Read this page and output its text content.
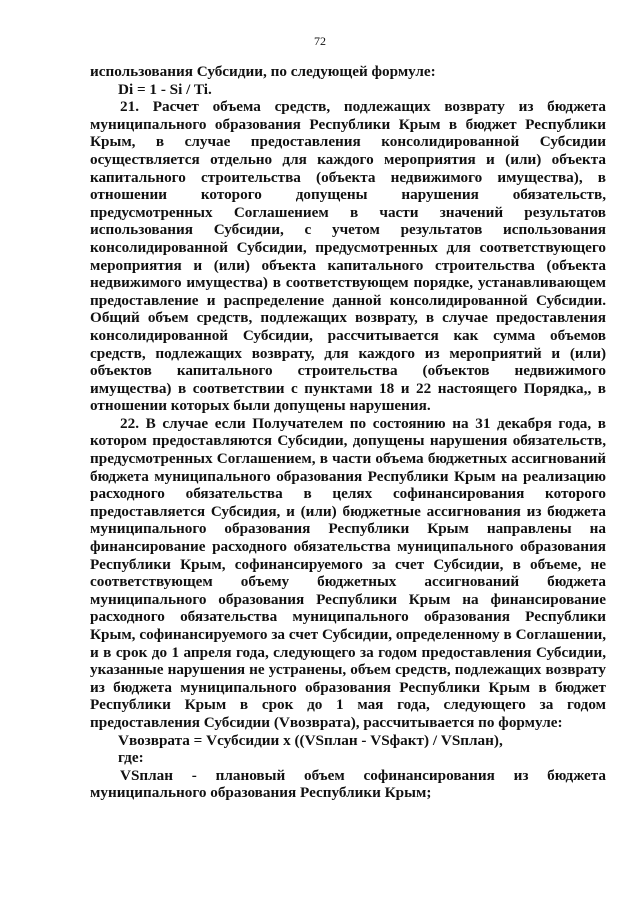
72

использования Субсидии, по следующей формуле:

Di = 1 - Si / Ti.

21. Расчет объема средств, подлежащих возврату из бюджета муниципального образования Республики Крым в бюджет Республики Крым, в случае предоставления консолидированной Субсидии осуществляется отдельно для каждого мероприятия и (или) объекта капитального строительства (объекта недвижимого имущества), в отношении которого допущены нарушения обязательств, предусмотренных Соглашением в части значений результатов использования Субсидии, с учетом результатов использования консолидированной Субсидии, предусмотренных для соответствующего мероприятия и (или) объекта капитального строительства (объекта недвижимого имущества) в соответствующем порядке, устанавливающем предоставление и распределение данной консолидированной Субсидии. Общий объем средств, подлежащих возврату, в случае предоставления консолидированной Субсидии, рассчитывается как сумма объемов средств, подлежащих возврату, для каждого из мероприятий и (или) объектов капитального строительства (объектов недвижимого имущества) в соответствии с пунктами 18 и 22 настоящего Порядка,, в отношении которых были допущены нарушения.

22. В случае если Получателем по состоянию на 31 декабря года, в котором предоставляются Субсидии, допущены нарушения обязательств, предусмотренных Соглашением, в части объема бюджетных ассигнований бюджета муниципального образования Республики Крым на реализацию расходного обязательства в целях софинансирования которого предоставляется Субсидия, и (или) бюджетные ассигнования из бюджета муниципального образования Республики Крым направлены на финансирование расходного обязательства муниципального образования Республики Крым, софинансируемого за счет Субсидии, в объеме, не соответствующем объему бюджетных ассигнований бюджета муниципального образования Республики Крым на финансирование расходного обязательства муниципального образования Республики Крым, софинансируемого за счет Субсидии, определенному в Соглашении, и в срок до 1 апреля года, следующего за годом предоставления Субсидии, указанные нарушения не устранены, объем средств, подлежащих возврату из бюджета муниципального образования Республики Крым в бюджет Республики Крым в срок до 1 мая года, следующего за годом предоставления Субсидии (Vвозврата), рассчитывается по формуле:

Vвозврата = Vсубсидии х ((VSплан - VSфакт) / VSплан),

где:

VSплан - плановый объем софинансирования из бюджета муниципального образования Республики Крым;
